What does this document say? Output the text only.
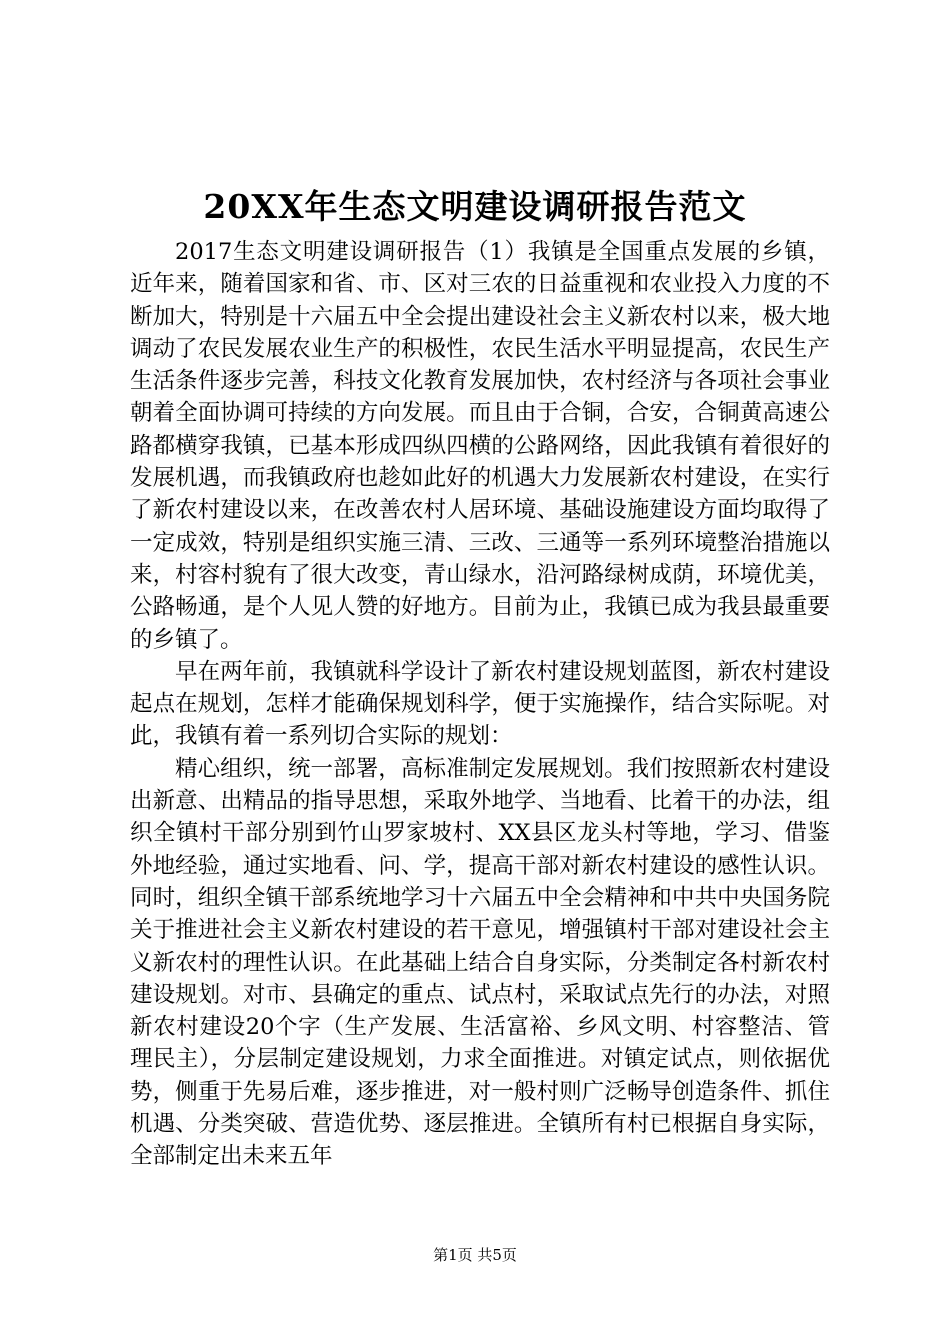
20XX年生态文明建设调研报告范文

2017生态文明建设调研报告（1）我镇是全国重点发展的乡镇，近年来，随着国家和省、市、区对三农的日益重视和农业投入力度的不断加大，特别是十六届五中全会提出建设社会主义新农村以来，极大地调动了农民发展农业生产的积极性，农民生活水平明显提高，农民生产生活条件逐步完善，科技文化教育发展加快，农村经济与各项社会事业朝着全面协调可持续的方向发展。而且由于合铜，合安，合铜黄高速公路都横穿我镇，已基本形成四纵四横的公路网络，因此我镇有着很好的发展机遇，而我镇政府也趁如此好的机遇大力发展新农村建设，在实行了新农村建设以来，在改善农村人居环境、基础设施建设方面均取得了一定成效，特别是组织实施三清、三改、三通等一系列环境整治措施以来，村容村貌有了很大改变，青山绿水，沿河路绿树成荫，环境优美，公路畅通，是个人见人赞的好地方。目前为止，我镇已成为我县最重要的乡镇了。

早在两年前，我镇就科学设计了新农村建设规划蓝图，新农村建设起点在规划，怎样才能确保规划科学，便于实施操作，结合实际呢。对此，我镇有着一系列切合实际的规划：

精心组织，统一部署，高标准制定发展规划。我们按照新农村建设出新意、出精品的指导思想，采取外地学、当地看、比着干的办法，组织全镇村干部分别到竹山罗家坡村、XX县区龙头村等地，学习、借鉴外地经验，通过实地看、问、学，提高干部对新农村建设的感性认识。同时，组织全镇干部系统地学习十六届五中全会精神和中共中央国务院关于推进社会主义新农村建设的若干意见，增强镇村干部对建设社会主义新农村的理性认识。在此基础上结合自身实际，分类制定各村新农村建设规划。对市、县确定的重点、试点村，采取试点先行的办法，对照新农村建设20个字（生产发展、生活富裕、乡风文明、村容整洁、管理民主），分层制定建设规划，力求全面推进。对镇定试点，则依据优势，侧重于先易后难，逐步推进，对一般村则广泛畅导创造条件、抓住机遇、分类突破、营造优势、逐层推进。全镇所有村已根据自身实际，全部制定出未来五年

第1页 共5页
